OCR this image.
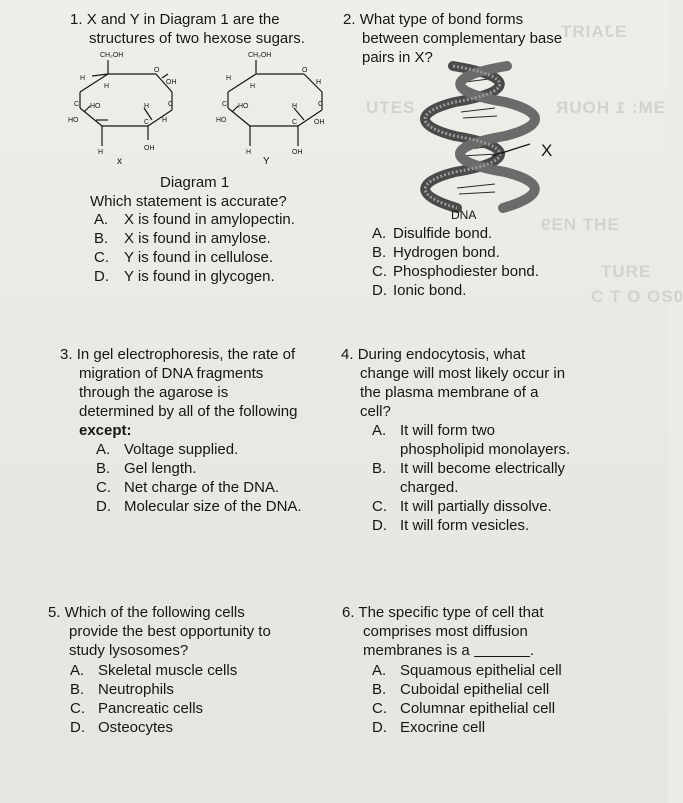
ƎJAIЯT
ƎM: 1 HOUR
ƧƎTU
ƎHT ИƎ9
ƎЯUT
0ƧO O T Ɔ
1. X and Y in Diagram 1 are the
structures of two hexose sugars.
CH₂OH	CH₂OH
O	O
H
H
OH
C
C HO
HO
H
H
C
H
OH
H
H
H
C
C HO
HO
H
OH
C
H	OH
x	Y
Diagram 1
Which statement is accurate?
A. X is found in amylopectin.
B. X is found in amylose.
C. Y is found in cellulose.
D. Y is found in glycogen.
2. What type of bond forms
between complementary base
pairs in X?
X
DNA
A. Disulfide bond.
B. Hydrogen bond.
C. Phosphodiester bond.
D. Ionic bond.
3. In gel electrophoresis, the rate of
migration of DNA fragments
through the agarose is
determined by all of the following
except:
A. Voltage supplied.
B. Gel length.
C. Net charge of the DNA.
D. Molecular size of the DNA.
4. During endocytosis, what
change will most likely occur in
the plasma membrane of a
cell?
A. It will form two
phospholipid monolayers.
B. It will become electrically
charged.
C. It will partially dissolve.
D. It will form vesicles.
5. Which of the following cells
provide the best opportunity to
study lysosomes?
A. Skeletal muscle cells
B. Neutrophils
C. Pancreatic cells
D. Osteocytes
6. The specific type of cell that
comprises most diffusion
membranes is a	.
A. Squamous epithelial cell
B. Cuboidal epithelial cell
C. Columnar epithelial cell
D. Exocrine cell
